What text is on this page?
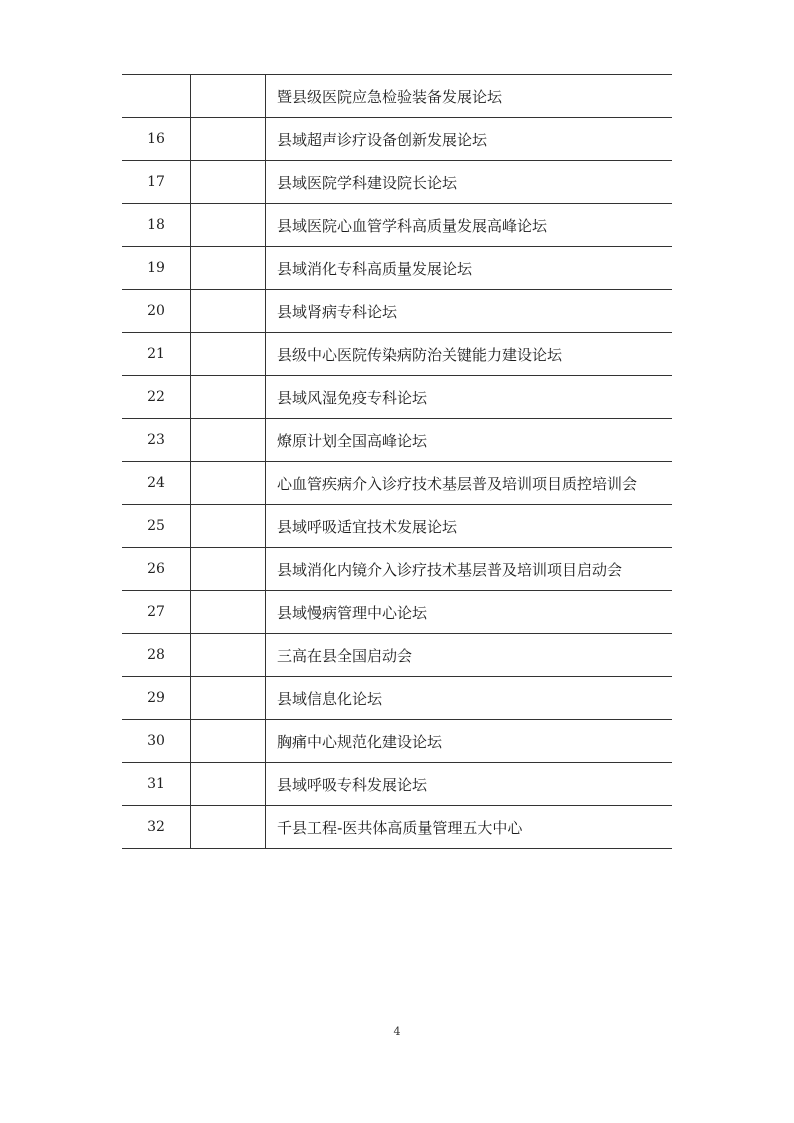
		暨县级医院应急检验装备发展论坛
16		县域超声诊疗设备创新发展论坛
17		县域医院学科建设院长论坛
18		县域医院心血管学科高质量发展高峰论坛
19		县域消化专科高质量发展论坛
20		县域肾病专科论坛
21		县级中心医院传染病防治关键能力建设论坛
22		县域风湿免疫专科论坛
23		燎原计划全国高峰论坛
24		心血管疾病介入诊疗技术基层普及培训项目质控培训会
25		县域呼吸适宜技术发展论坛
26		县域消化内镜介入诊疗技术基层普及培训项目启动会
27		县域慢病管理中心论坛
28		三高在县全国启动会
29		县域信息化论坛
30		胸痛中心规范化建设论坛
31		县域呼吸专科发展论坛
32		千县工程-医共体高质量管理五大中心
4
